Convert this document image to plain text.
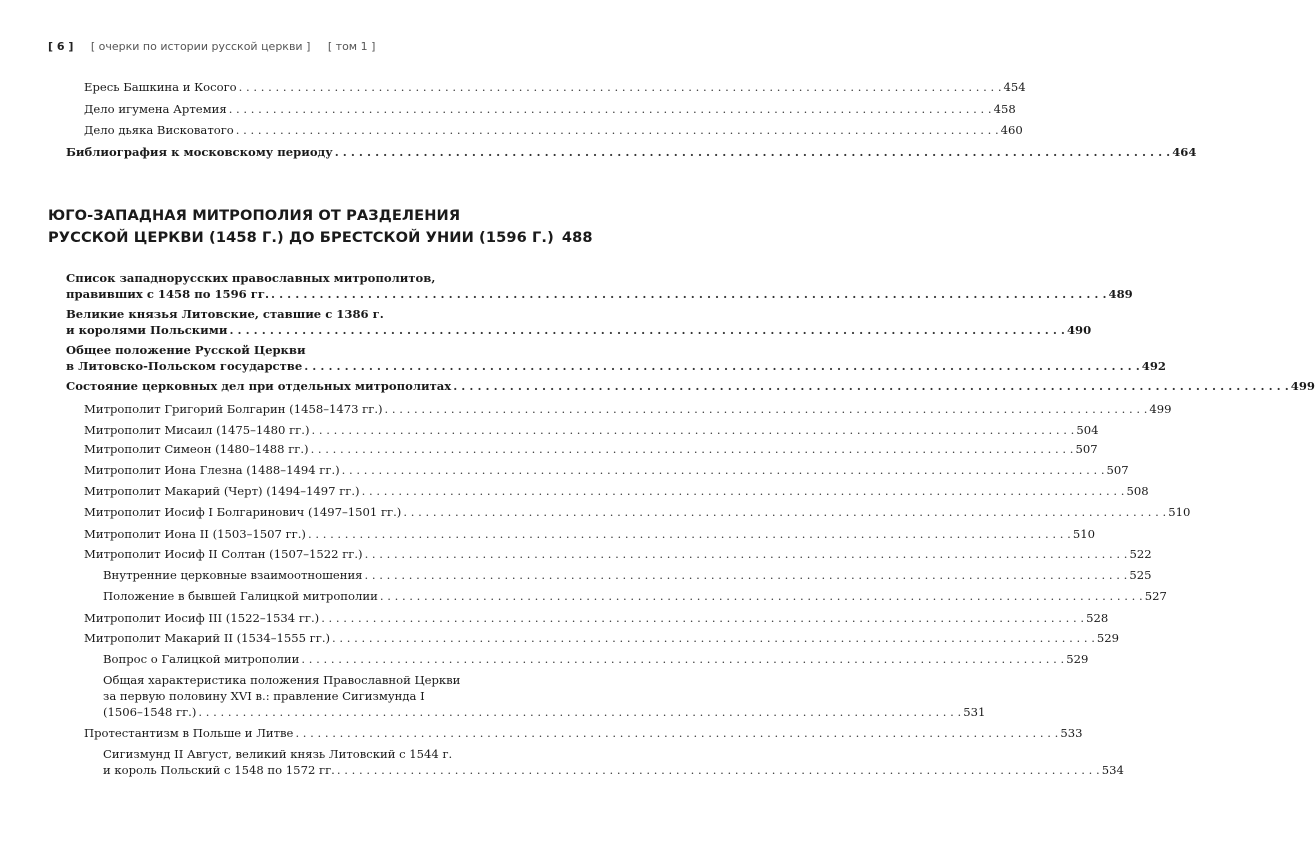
[ 6 ] [ очерки по истории русской церкви ] [ том 1 ]
Ересь Башкина и Косого . . .	454
Дело игумена Артемия . . .	458
Дело дьяка Висковатого . . .	460
Библиография к московскому периоду . . .	464
ЮГО-ЗАПАДНАЯ МИТРОПОЛИЯ ОТ РАЗДЕЛЕНИЯ
РУССКОЙ ЦЕРКВИ (1458 Г.) ДО БРЕСТСКОЙ УНИИ (1596 Г.) 488
Список западнорусских православных митрополитов,
правивших с 1458 по 1596 гг. . . .	489
Великие князья Литовские, ставшие с 1386 г.
и королями Польскими . . .	490
Общее положение Русской Церкви
в Литовско-Польском государстве . . .	492
Состояние церковных дел при отдельных митрополитах . . .	499
Митрополит Григорий Болгарин (1458–1473 гг.) . . .	499
Митрополит Мисаил (1475–1480 гг.) . . .	504
Митрополит Симеон (1480–1488 гг.) . . .	507
Митрополит Иона Глезна (1488–1494 гг.) . . .	507
Митрополит Макарий (Черт) (1494–1497 гг.) . . .	508
Митрополит Иосиф I Болгаринович (1497–1501 гг.) . . .	510
Митрополит Иона II (1503–1507 гг.) . . .	510
Митрополит Иосиф II Солтан (1507–1522 гг.) . . .	522
Внутренние церковные взаимоотношения . . .	525
Положение в бывшей Галицкой митрополии . . .	527
Митрополит Иосиф III (1522–1534 гг.) . . .	528
Митрополит Макарий II (1534–1555 гг.) . . .	529
Вопрос о Галицкой митрополии . . .	529
Общая характеристика положения Православной Церкви
за первую половину XVI в.: правление Сигизмунда I
(1506–1548 гг.) . . .	531
Протестантизм в Польше и Литве . . .	533
Сигизмунд II Август, великий князь Литовский с 1544 г.
и король Польский с 1548 по 1572 гг. . . .	534
